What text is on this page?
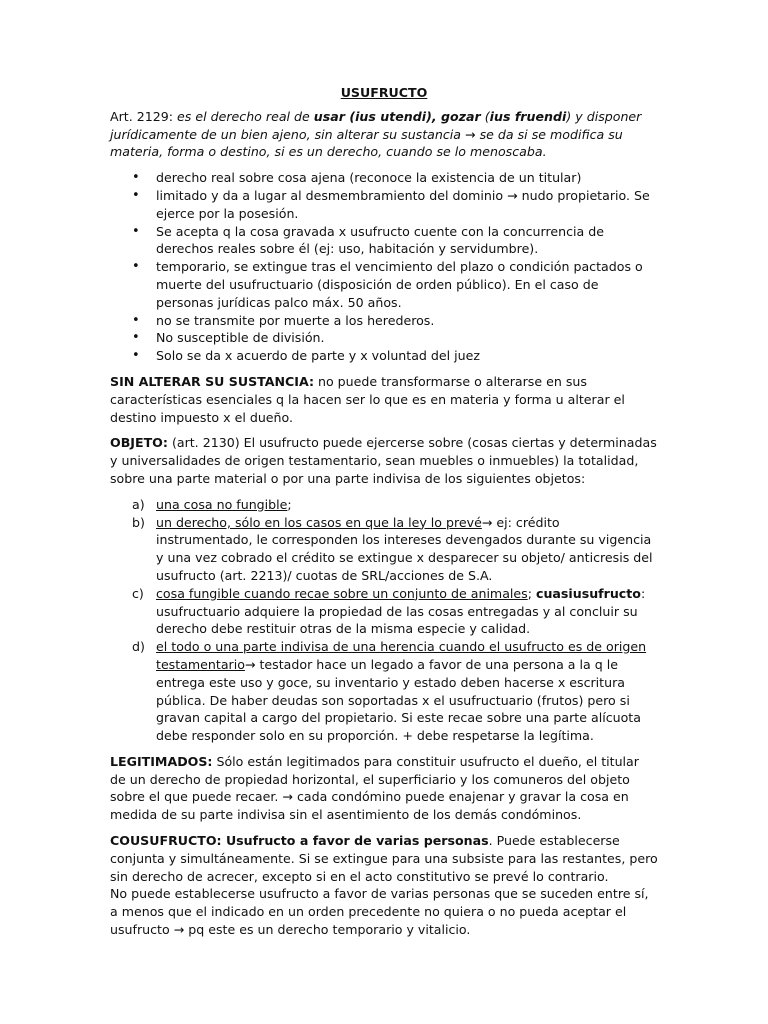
USUFRUCTO

Art. 2129: es el derecho real de usar (ius utendi), gozar (ius fruendi) y disponer jurídicamente de un bien ajeno, sin alterar su sustancia → se da si se modifica su materia, forma o destino, si es un derecho, cuando se lo menoscaba.

• derecho real sobre cosa ajena (reconoce la existencia de un titular)
• limitado y da a lugar al desmembramiento del dominio → nudo propietario. Se ejerce por la posesión.
• Se acepta q la cosa gravada x usufructo cuente con la concurrencia de derechos reales sobre él (ej: uso, habitación y servidumbre).
• temporario, se extingue tras el vencimiento del plazo o condición pactados o muerte del usufructuario (disposición de orden público). En el caso de personas jurídicas palco máx. 50 años.
• no se transmite por muerte a los herederos.
• No susceptible de división.
• Solo se da x acuerdo de parte y x voluntad del juez

SIN ALTERAR SU SUSTANCIA: no puede transformarse o alterarse en sus características esenciales q la hacen ser lo que es en materia y forma u alterar el destino impuesto x el dueño.

OBJETO: (art. 2130) El usufructo puede ejercerse sobre (cosas ciertas y determinadas y universalidades de origen testamentario, sean muebles o inmuebles) la totalidad, sobre una parte material o por una parte indivisa de los siguientes objetos:

a) una cosa no fungible;
b) un derecho, sólo en los casos en que la ley lo prevé→ ej: crédito instrumentado, le corresponden los intereses devengados durante su vigencia y una vez cobrado el crédito se extingue x desparecer su objeto/ anticresis del usufructo (art. 2213)/ cuotas de SRL/acciones de S.A.
c) cosa fungible cuando recae sobre un conjunto de animales; cuasiusufructo: usufructuario adquiere la propiedad de las cosas entregadas y al concluir su derecho debe restituir otras de la misma especie y calidad.
d) el todo o una parte indivisa de una herencia cuando el usufructo es de origen testamentario→ testador hace un legado a favor de una persona a la q le entrega este uso y goce, su inventario y estado deben hacerse x escritura pública. De haber deudas son soportadas x el usufructuario (frutos) pero si gravan capital a cargo del propietario. Si este recae sobre una parte alícuota debe responder solo en su proporción. + debe respetarse la legítima.

LEGITIMADOS: Sólo están legitimados para constituir usufructo el dueño, el titular de un derecho de propiedad horizontal, el superficiario y los comuneros del objeto sobre el que puede recaer. → cada condómino puede enajenar y gravar la cosa en medida de su parte indivisa sin el asentimiento de los demás condóminos.

COUSUFRUCTO: Usufructo a favor de varias personas. Puede establecerse conjunta y simultáneamente. Si se extingue para una subsiste para las restantes, pero sin derecho de acrecer, excepto si en el acto constitutivo se prevé lo contrario.
No puede establecerse usufructo a favor de varias personas que se suceden entre sí, a menos que el indicado en un orden precedente no quiera o no pueda aceptar el usufructo → pq este es un derecho temporario y vitalicio.
